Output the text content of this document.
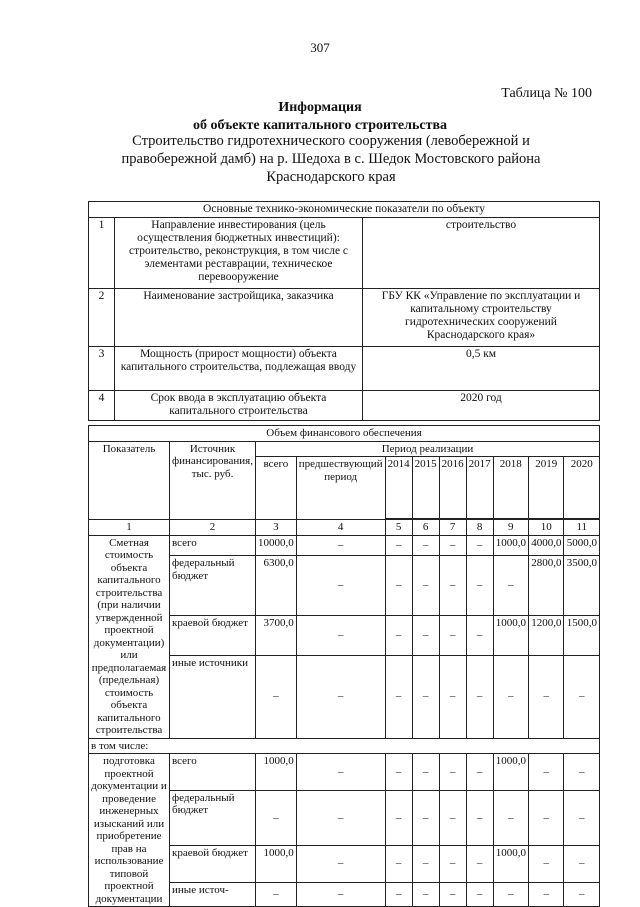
307
Таблица № 100
Информация
об объекте капитального строительства
Строительство гидротехнического сооружения (левобережной и правобережной дамб) на р. Шедоха в с. Шедок Мостовского района Краснодарского края
Основные технико-экономические показатели по объекту		
1	Направление инвестирования (цель осуществления бюджетных инвестиций): строительство, реконструкция, в том числе с элементами реставрации, техническое перевооружение	строительство
2	Наименование застройщика, заказчика	ГБУ КК «Управление по эксплуатации и капитальному строительству гидротехнических сооружений Краснодарского края»
3	Мощность (прирост мощности) объекта капитального строительства, подлежащая вводу	0,5 км
4	Срок ввода в эксплуатацию объекта капитального строительства	2020 год
Объем финансового обеспечения										
Показатель	Источник финансирования, тыс. руб.	Период реализации								
		всего	предшествующий период	2014	2015	2016	2017	2018	2019	2020

1	2	3	4	5	6	7	8	9	10	11
Сметная стоимость объекта капитального строительства (при наличии утвержденной проектной документации) или предполагаемая (предельная) стоимость объекта капитального строительства	всего	10000,0	–	–	–	–	–	1000,0	4000,0	5000,0
	федеральный бюджет	6300,0	–	–	–	–	–	–	2800,0	3500,0
	краевой бюджет	3700,0	–	–	–	–	–	1000,0	1200,0	1500,0
	иные источники	–	–	–	–	–	–	–	–	–
в том числе:										
подготовка проектной документации и проведение инженерных изысканий или приобретение прав на использование типовой проектной документации	всего	1000,0	–	–	–	–	–	1000,0	–	–
	федеральный бюджет	–	–	–	–	–	–	–	–	–
	краевой бюджет	1000,0	–	–	–	–	–	1000,0	–	–
	иные источ-	–	–	–	–	–	–	–	–	–
